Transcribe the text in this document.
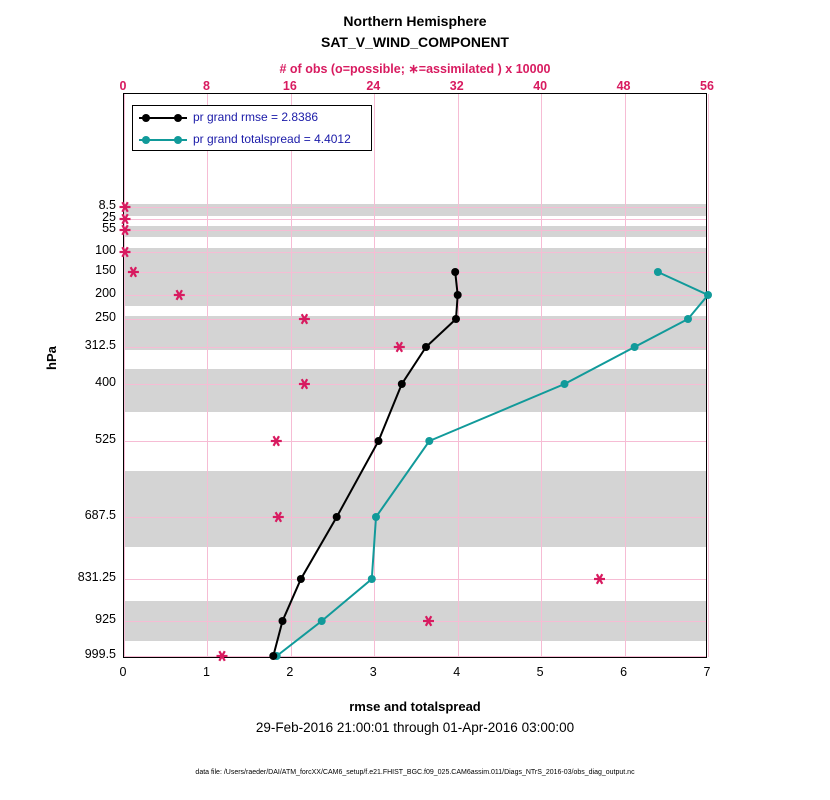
Northern Hemisphere
SAT_V_WIND_COMPONENT
# of obs (o=possible; ∗=assimilated ) x 10000
0	8	16	24	32	40	48	56
8.5
25
55
100
150
200
250
312.5
400
525
687.5
831.25
925
999.5
0	1	2	3	4	5	6	7
hPa
rmse and totalspread
29-Feb-2016 21:00:01 through 01-Apr-2016 03:00:00
data file: /Users/raeder/DAI/ATM_forcXX/CAM6_setup/f.e21.FHIST_BGC.f09_025.CAM6assim.011/Diags_NTrS_2016-03/obs_diag_output.nc
pr grand rmse = 2.8386
pr grand totalspread = 4.4012
